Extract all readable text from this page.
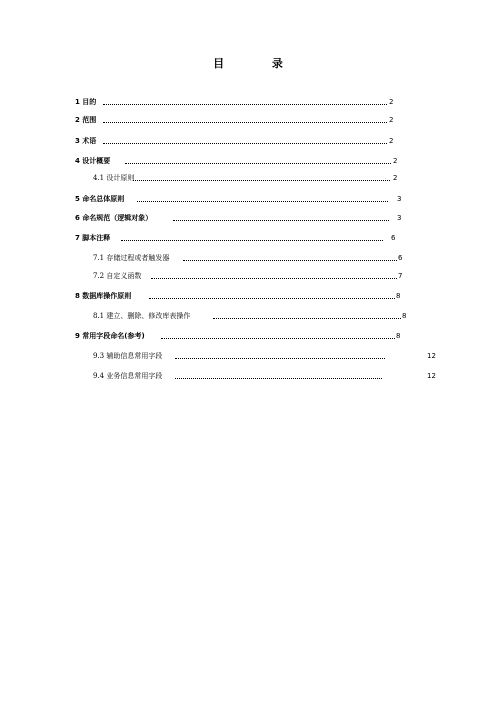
目 录
1 目的	2
2 范围	2
3 术语	2
4 设计概要	2
4.1 设计原则	2
5 命名总体原则	3
6 命名规范（逻辑对象）	3
7 脚本注释	6
7.1 存储过程或者触发器	6
7.2 自定义函数	7
8 数据库操作原则	8
8.1 建立、删除、修改库表操作	8
9 常用字段命名(参考)	8
9.3 辅助信息常用字段	12
9.4 业务信息常用字段	12
